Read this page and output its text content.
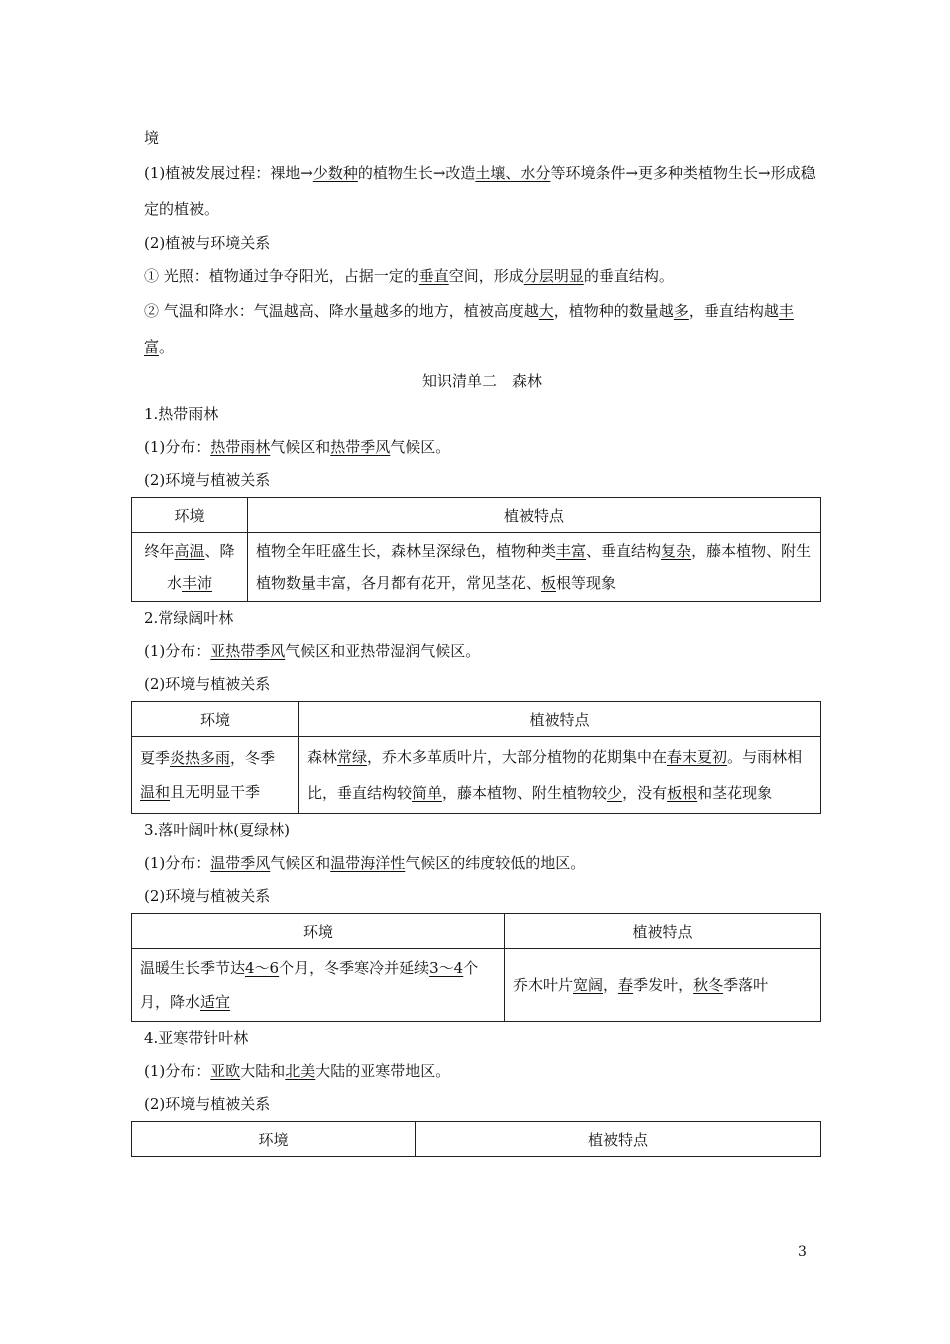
境

(1)植被发展过程：裸地→少数种的植物生长→改造土壤、水分等环境条件→更多种类植物生长→形成稳定的植被。

(2)植被与环境关系

① 光照：植物通过争夺阳光，占据一定的垂直空间，形成分层明显的垂直结构。

② 气温和降水：气温越高、降水量越多的地方，植被高度越大，植物种的数量越多，垂直结构越丰富。

知识清单二　森林

1.热带雨林

(1)分布：热带雨林气候区和热带季风气候区。

(2)环境与植被关系

环境	植被特点
终年高温、降水丰沛	植物全年旺盛生长，森林呈深绿色，植物种类丰富、垂直结构复杂，藤本植物、附生植物数量丰富，各月都有花开，常见茎花、板根等现象

2.常绿阔叶林

(1)分布：亚热带季风气候区和亚热带湿润气候区。

(2)环境与植被关系

环境	植被特点
夏季炎热多雨，冬季温和且无明显干季	森林常绿，乔木多革质叶片，大部分植物的花期集中在春末夏初。与雨林相比，垂直结构较简单，藤本植物、附生植物较少，没有板根和茎花现象

3.落叶阔叶林(夏绿林)

(1)分布：温带季风气候区和温带海洋性气候区的纬度较低的地区。

(2)环境与植被关系

环境	植被特点
温暖生长季节达4～6个月，冬季寒冷并延续3～4个月，降水适宜	乔木叶片宽阔，春季发叶，秋冬季落叶

4.亚寒带针叶林

(1)分布：亚欧大陆和北美大陆的亚寒带地区。

(2)环境与植被关系

环境	植被特点
3
